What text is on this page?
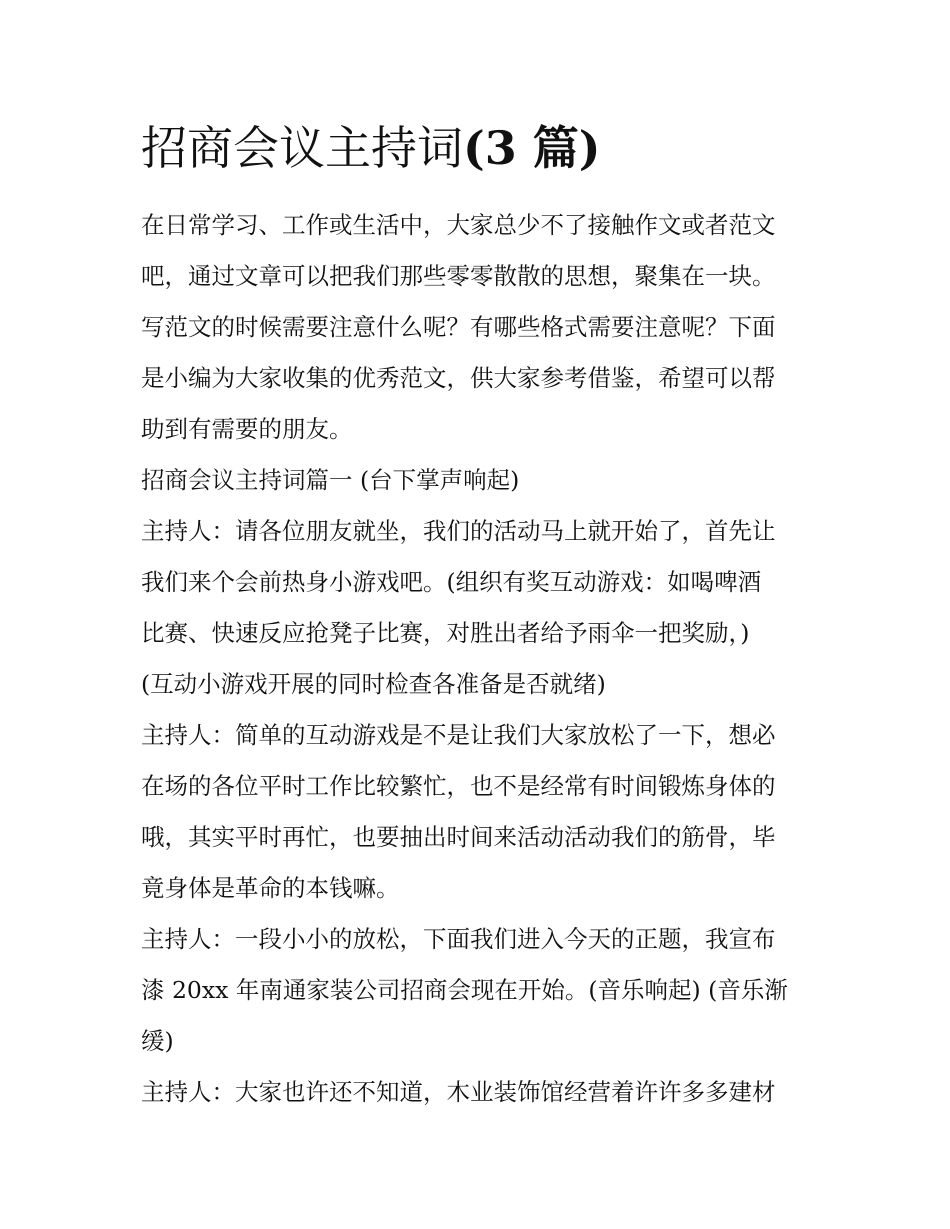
招商会议主持词(3 篇)

在日常学习、工作或生活中，大家总少不了接触作文或者范文
吧，通过文章可以把我们那些零零散散的思想，聚集在一块。
写范文的时候需要注意什么呢？有哪些格式需要注意呢？下面
是小编为大家收集的优秀范文，供大家参考借鉴，希望可以帮
助到有需要的朋友。

招商会议主持词篇一 (台下掌声响起)

主持人：请各位朋友就坐，我们的活动马上就开始了，首先让
我们来个会前热身小游戏吧。(组织有奖互动游戏：如喝啤酒
比赛、快速反应抢凳子比赛，对胜出者给予雨伞一把奖励，)

(互动小游戏开展的同时检查各准备是否就绪)

主持人：简单的互动游戏是不是让我们大家放松了一下，想必
在场的各位平时工作比较繁忙，也不是经常有时间锻炼身体的
哦，其实平时再忙，也要抽出时间来活动活动我们的筋骨，毕
竟身体是革命的本钱嘛。

主持人：一段小小的放松，下面我们进入今天的正题，我宣布
漆 20xx 年南通家装公司招商会现在开始。(音乐响起) (音乐渐
缓)

主持人：大家也许还不知道，木业装饰馆经营着许许多多建材
